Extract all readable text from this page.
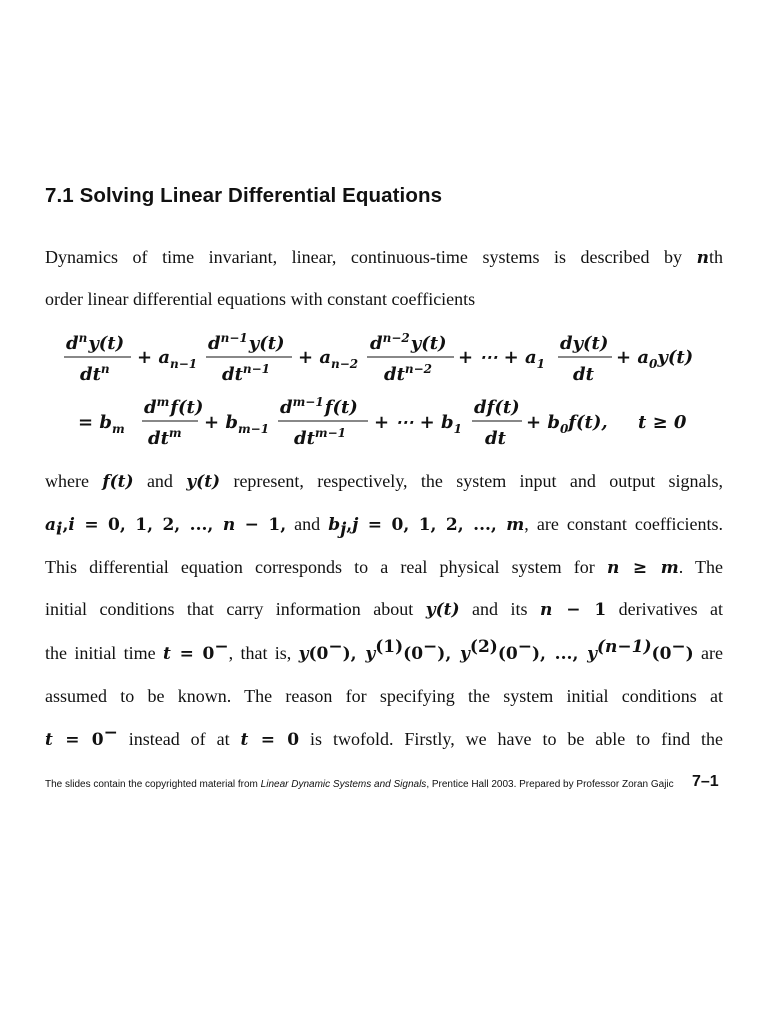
7.1 Solving Linear Differential Equations
Dynamics of time invariant, linear, continuous-time systems is described by nth
order linear differential equations with constant coefficients
$d^ny(t)$
$dt^n$
+ $a_{n-1}$
$d^{n-1}y(t)$
$dt^{n-1}$
+ $a_{n-2}$
$d^{n-2}y(t)$
$dt^{n-2}$
+ ⋯ + $a_1$
dy(t)
dt
+ $a_0y(t)$
= $b_m$
$d^mf(t)$
$dt^m + b_{m-1}$
$d^{m-1}f(t)$
$dt^{m-1}$ + ⋯ + $b_1$
df(t)
dt
+ $b_0f(t)$, t ≥ 0
where f(t) and y(t) represent, respectively, the system input and output signals,
$a_i,i = 0$, 1, 2, ..., n − 1, and $b_j,j = 0$, 1, 2, ..., m, are constant coefficients.
This differential equation corresponds to a real physical system for n ≥ m. The
initial conditions that carry information about y(t) and its n − 1 derivatives at
the initial time t = 0−, that is, y(0−), $y^{(1)}(0^-)$, $y^{(2)}(0^-)$, ..., $y^{(n-1)}(0^-)$ are
assumed to be known. The reason for specifying the system initial conditions at
t = 0− instead of at t = 0 is twofold. Firstly, we have to be able to find the
The slides contain the copyrighted material from Linear Dynamic Systems and Signals, Prentice Hall 2003. Prepared by Professor Zoran Gajic 7–1
